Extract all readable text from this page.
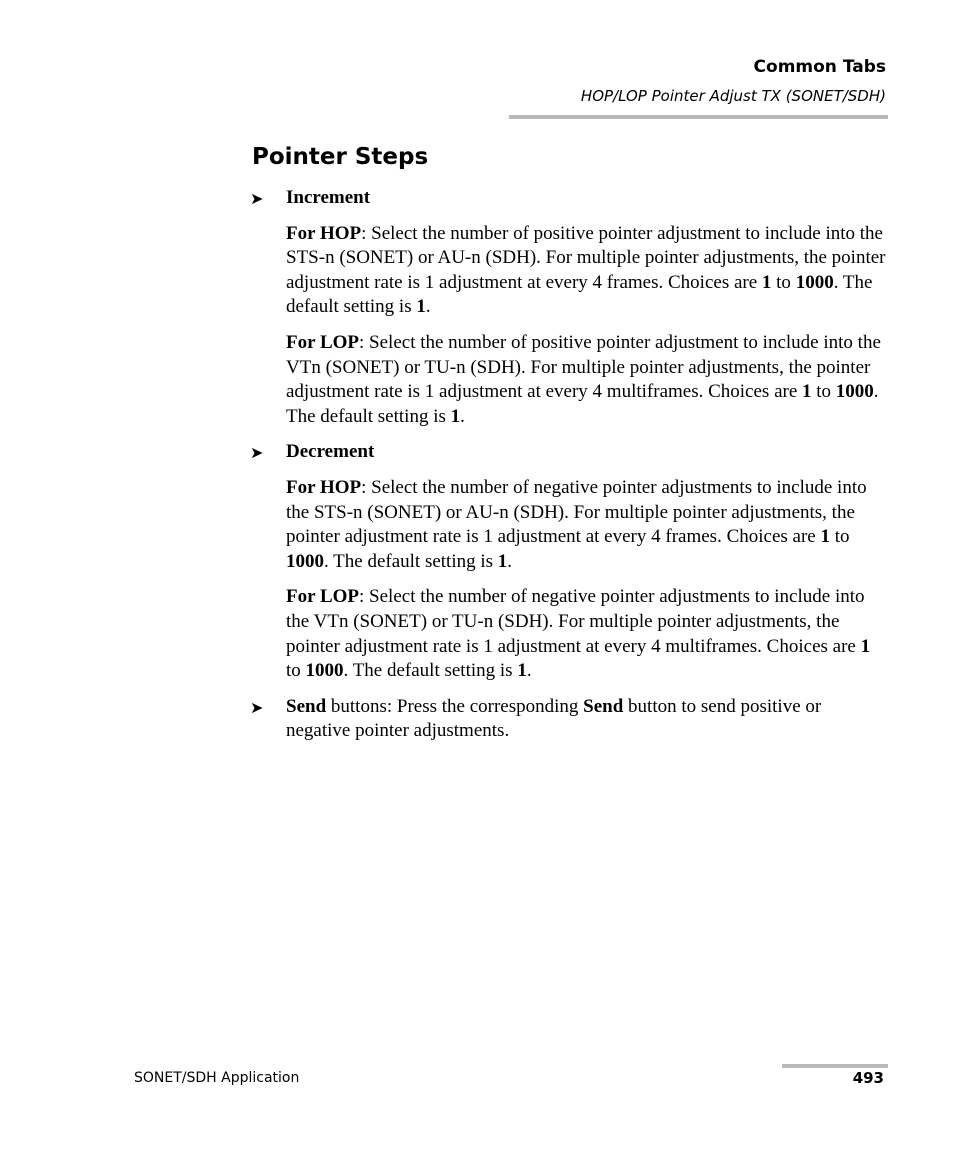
Common Tabs
HOP/LOP Pointer Adjust TX (SONET/SDH)
Pointer Steps
➤ Increment

For HOP: Select the number of positive pointer adjustment to include into the STS-n (SONET) or AU-n (SDH). For multiple pointer adjustments, the pointer adjustment rate is 1 adjustment at every 4 frames. Choices are 1 to 1000. The default setting is 1.

For LOP: Select the number of positive pointer adjustment to include into the VTn (SONET) or TU-n (SDH). For multiple pointer adjustments, the pointer adjustment rate is 1 adjustment at every 4 multiframes. Choices are 1 to 1000. The default setting is 1.

➤ Decrement

For HOP: Select the number of negative pointer adjustments to include into the STS-n (SONET) or AU-n (SDH). For multiple pointer adjustments, the pointer adjustment rate is 1 adjustment at every 4 frames. Choices are 1 to 1000. The default setting is 1.

For LOP: Select the number of negative pointer adjustments to include into the VTn (SONET) or TU-n (SDH). For multiple pointer adjustments, the pointer adjustment rate is 1 adjustment at every 4 multiframes. Choices are 1 to 1000. The default setting is 1.

➤ Send buttons: Press the corresponding Send button to send positive or negative pointer adjustments.

SONET/SDH Application	493
